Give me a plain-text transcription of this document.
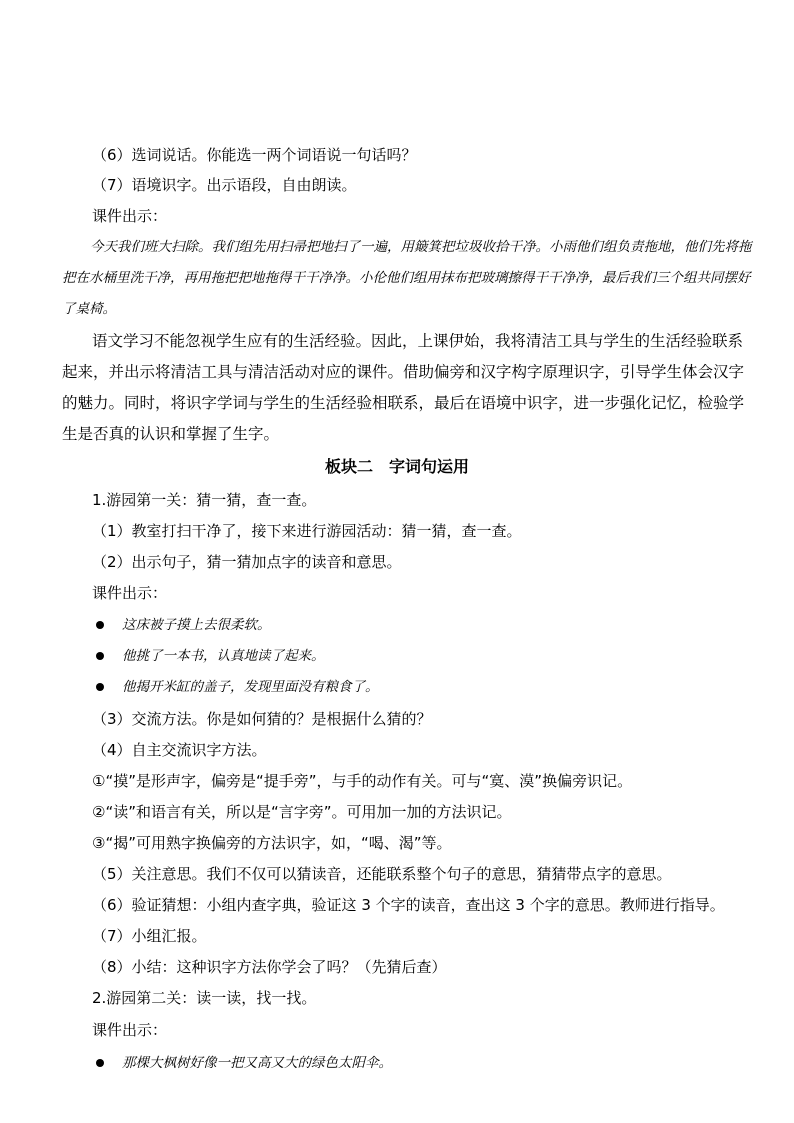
（6）选词说话。你能选一两个词语说一句话吗？
（7）语境识字。出示语段，自由朗读。
课件出示：
今天我们班大扫除。我们组先用扫帚把地扫了一遍，用簸箕把垃圾收拾干净。小雨他们组负责拖地，他们先将拖把在水桶里洗干净，再用拖把把地拖得干干净净。小伦他们组用抹布把玻璃擦得干干净净，最后我们三个组共同摆好了桌椅。
语文学习不能忽视学生应有的生活经验。因此，上课伊始，我将清洁工具与学生的生活经验联系起来，并出示将清洁工具与清洁活动对应的课件。借助偏旁和汉字构字原理识字，引导学生体会汉字的魅力。同时，将识字学词与学生的生活经验相联系，最后在语境中识字，进一步强化记忆，检验学生是否真的认识和掌握了生字。
板块二　字词句运用
1.游园第一关：猜一猜，查一查。
（1）教室打扫干净了，接下来进行游园活动：猜一猜，查一查。
（2）出示句子，猜一猜加点字的读音和意思。
课件出示：
这床被子摸上去很柔软。
他挑了一本书，认真地读了起来。
他揭开米缸的盖子，发现里面没有粮食了。
（3）交流方法。你是如何猜的？是根据什么猜的？
（4）自主交流识字方法。
①“摸”是形声字，偏旁是“提手旁”，与手的动作有关。可与“寞、漠”换偏旁识记。
②“读”和语言有关，所以是“言字旁”。可用加一加的方法识记。
③“揭”可用熟字换偏旁的方法识字，如，“喝、渴”等。
（5）关注意思。我们不仅可以猜读音，还能联系整个句子的意思，猜猜带点字的意思。
（6）验证猜想：小组内查字典，验证这 3 个字的读音，查出这 3 个字的意思。教师进行指导。
（7）小组汇报。
（8）小结：这种识字方法你学会了吗？（先猜后查）
2.游园第二关：读一读，找一找。
课件出示：
那棵大枫树好像一把又高又大的绿色太阳伞。
